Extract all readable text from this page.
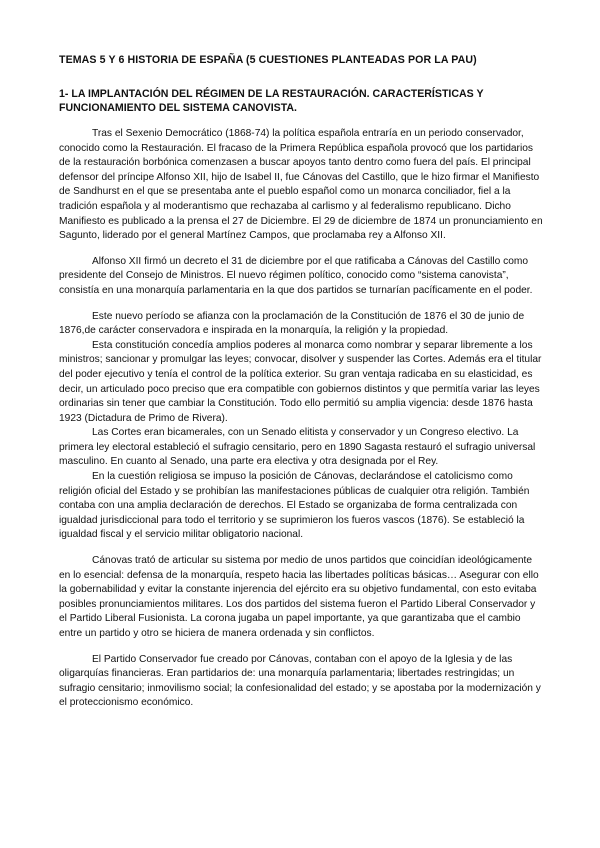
TEMAS 5 Y 6 HISTORIA DE ESPAÑA (5 CUESTIONES PLANTEADAS POR LA PAU)
1- LA IMPLANTACIÓN DEL RÉGIMEN DE LA RESTAURACIÓN. CARACTERÍSTICAS Y FUNCIONAMIENTO DEL SISTEMA CANOVISTA.

Tras el Sexenio Democrático (1868-74) la política española entraría en un periodo conservador, conocido como la Restauración. El fracaso de la Primera República española provocó que los partidarios de la restauración borbónica comenzasen a buscar apoyos tanto dentro como fuera del país. El principal defensor del príncipe Alfonso XII, hijo de Isabel II, fue Cánovas del Castillo, que le hizo firmar el Manifiesto de Sandhurst en el que se presentaba ante el pueblo español como un monarca conciliador, fiel a la tradición española y al moderantismo que rechazaba al carlismo y al federalismo republicano. Dicho Manifiesto es publicado a la prensa el 27 de Diciembre. El 29 de diciembre de 1874 un pronunciamiento en Sagunto, liderado por el general Martínez Campos, que proclamaba rey a Alfonso XII.

Alfonso XII firmó un decreto el 31 de diciembre por el que ratificaba a Cánovas del Castillo como presidente del Consejo de Ministros. El nuevo régimen político, conocido como “sistema canovista”, consistía en una monarquía parlamentaria en la que dos partidos se turnarían pacíficamente en el poder.

Este nuevo período se afianza con la proclamación de la Constitución de 1876 el 30 de junio de 1876,de carácter conservadora e inspirada en la monarquía, la religión y la propiedad.

Esta constitución concedía amplios poderes al monarca como nombrar y separar libremente a los ministros; sancionar y promulgar las leyes; convocar, disolver y suspender las Cortes. Además era el titular del poder ejecutivo y tenía el control de la política exterior. Su gran ventaja radicaba en su elasticidad, es decir, un articulado poco preciso que era compatible con gobiernos distintos y que permitía variar las leyes ordinarias sin tener que cambiar la Constitución. Todo ello permitió su amplia vigencia: desde 1876 hasta 1923 (Dictadura de Primo de Rivera).

Las Cortes eran bicamerales, con un Senado elitista y conservador y un Congreso electivo. La primera ley electoral estableció el sufragio censitario, pero en 1890 Sagasta restauró el sufragio universal masculino. En cuanto al Senado, una parte era electiva y otra designada por el Rey.

En la cuestión religiosa se impuso la posición de Cánovas, declarándose el catolicismo como religión oficial del Estado y se prohibían las manifestaciones públicas de cualquier otra religión. También contaba con una amplia declaración de derechos. El Estado se organizaba de forma centralizada con igualdad jurisdiccional para todo el territorio y se suprimieron los fueros vascos (1876). Se estableció la igualdad fiscal y el servicio militar obligatorio nacional.

Cánovas trató de articular su sistema por medio de unos partidos que coincidían ideológicamente en lo esencial: defensa de la monarquía, respeto hacia las libertades políticas básicas… Asegurar con ello la gobernabilidad y evitar la constante injerencia del ejército era su objetivo fundamental, con esto evitaba posibles pronunciamientos militares. Los dos partidos del sistema fueron el Partido Liberal Conservador y el Partido Liberal Fusionista. La corona jugaba un papel importante, ya que garantizaba que el cambio entre un partido y otro se hiciera de manera ordenada y sin conflictos.

El Partido Conservador fue creado por Cánovas, contaban con el apoyo de la Iglesia y de las oligarquías financieras. Eran partidarios de: una monarquía parlamentaria; libertades restringidas; un sufragio censitario; inmovilismo social; la confesionalidad del estado; y se apostaba por la modernización y el proteccionismo económico.
